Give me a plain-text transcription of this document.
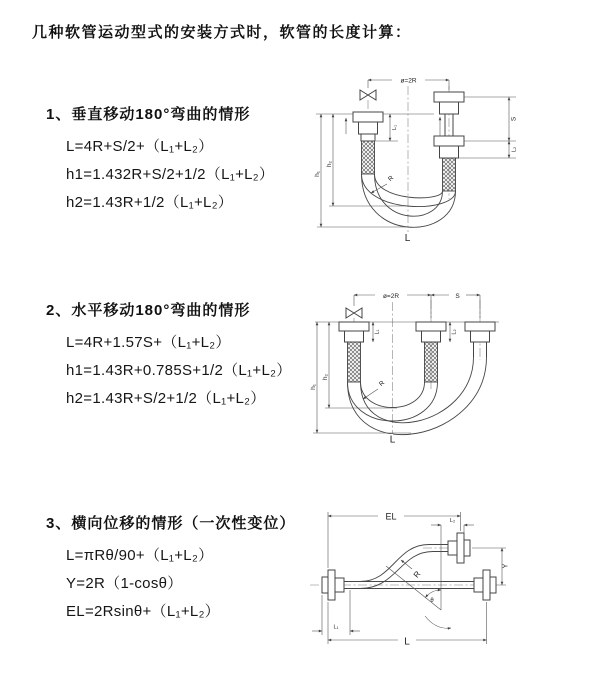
几种软管运动型式的安装方式时，软管的长度计算：
1、垂直移动180°弯曲的情形
L=4R+S/2+（L₁+L₂）
h1=1.432R+S/2+1/2（L₁+L₂）
h2=1.43R+1/2（L₁+L₂）
2、水平移动180°弯曲的情形
L=4R+1.57S+（L₁+L₂）
h1=1.43R+0.785S+1/2（L₁+L₂）
h2=1.43R+S/2+1/2（L₁+L₂）
3、横向位移的情形（一次性变位）
L=πRθ/90+（L₁+L₂）
Y=2R（1-cosθ）
EL=2Rsinθ+（L₁+L₂）
ø=2R
h₁
h₂
L₁
S
L₂
R
L
ø=2R	S
h₁
h₂
L₁	L₂
R
L
EL	L₂
L₁
Y
R
θ
L
